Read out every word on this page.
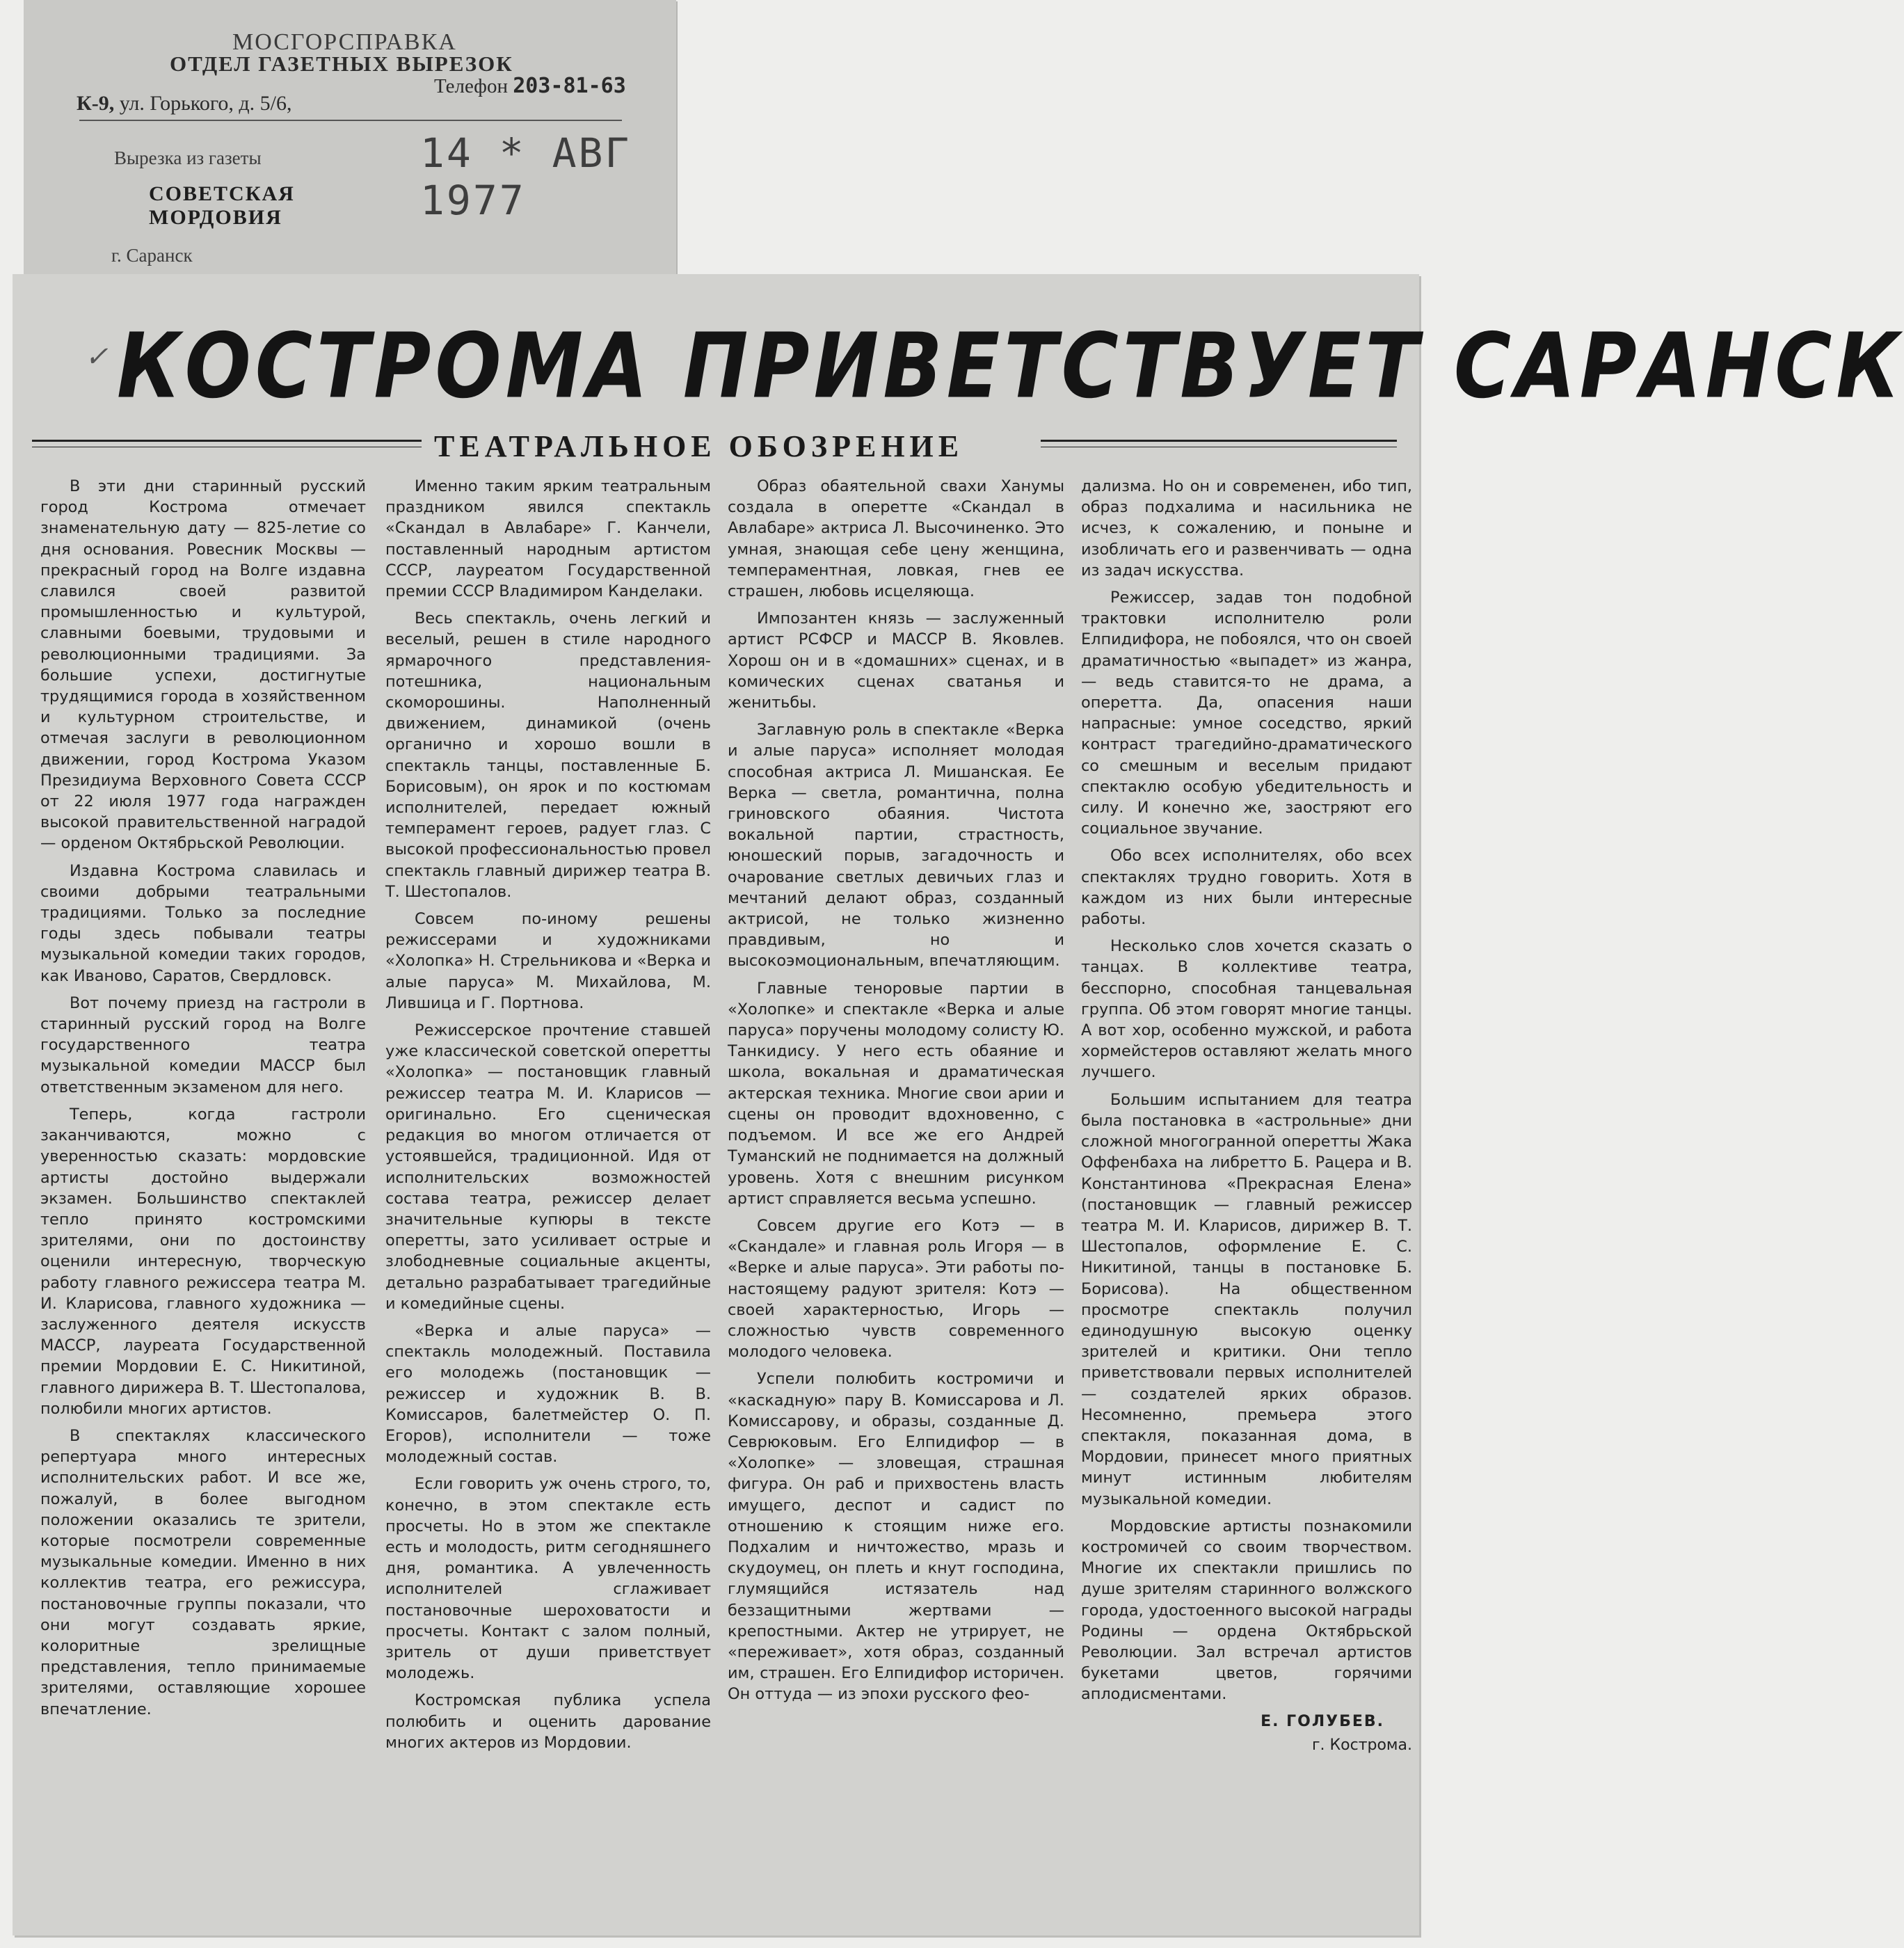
МОСГОРСПРАВКА
ОТДЕЛ ГАЗЕТНЫХ ВЫРЕЗОК
К-9, ул. Горького, д. 5/6,
Телефон 203-81-63
Вырезка из газеты	14 * АВГ 1977
СОВЕТСКАЯ
МОРДОВИЯ
г. Саранск
✓ КОСТРОМА ПРИВЕТСТВУЕТ САРАНСК
ТЕАТРАЛЬНОЕ ОБОЗРЕНИЕ

В эти дни старинный русский город Кострома отмечает знаменательную дату — 825-летие со дня основания. Ровесник Москвы — прекрасный город на Волге издавна славился своей развитой промышленностью и культурой, славными боевыми, трудовыми и революционными традициями. За большие успехи, достигнутые трудящимися города в хозяйственном и культурном строительстве, и отмечая заслуги в революционном движении, город Кострома Указом Президиума Верховного Совета СССР от 22 июля 1977 года награжден высокой правительственной наградой — орденом Октябрьской Революции.

Издавна Кострома славилась и своими добрыми театральными традициями. Только за последние годы здесь побывали театры музыкальной комедии таких городов, как Иваново, Саратов, Свердловск.

Вот почему приезд на гастроли в старинный русский город на Волге государственного театра музыкальной комедии МАССР был ответственным экзаменом для него.

Теперь, когда гастроли заканчиваются, можно с уверенностью сказать: мордовские артисты достойно выдержали экзамен. Большинство спектаклей тепло принято костромскими зрителями, они по достоинству оценили интересную, творческую работу главного режиссера театра М. И. Кларисова, главного художника — заслуженного деятеля искусств МАССР, лауреата Государственной премии Мордовии Е. С. Никитиной, главного дирижера В. Т. Шестопалова, полюбили многих артистов.

В спектаклях классического репертуара много интересных исполнительских работ. И все же, пожалуй, в более выгодном положении оказались те зрители, которые посмотрели современные музыкальные комедии. Именно в них коллектив театра, его режиссура, постановочные группы показали, что они могут создавать яркие, колоритные зрелищные представления, тепло принимаемые зрителями, оставляющие хорошее впечатление.

Именно таким ярким театральным праздником явился спектакль «Скандал в Авлабаре» Г. Канчели, поставленный народным артистом СССР, лауреатом Государственной премии СССР Владимиром Канделаки.

Весь спектакль, очень легкий и веселый, решен в стиле народного ярмарочного представления-потешника, национальным скоморошины. Наполненный движением, динамикой (очень органично и хорошо вошли в спектакль танцы, поставленные Б. Борисовым), он ярок и по костюмам исполнителей, передает южный темперамент героев, радует глаз. С высокой профессиональностью провел спектакль главный дирижер театра В. Т. Шестопалов.

Совсем по-иному решены режиссерами и художниками «Холопка» Н. Стрельникова и «Верка и алые паруса» М. Михайлова, М. Лившица и Г. Портнова.

Режиссерское прочтение ставшей уже классической советской оперетты «Холопка» — постановщик главный режиссер театра М. И. Кларисов — оригинально. Его сценическая редакция во многом отличается от устоявшейся, традиционной. Идя от исполнительских возможностей состава театра, режиссер делает значительные купюры в тексте оперетты, зато усиливает острые и злободневные социальные акценты, детально разрабатывает трагедийные и комедийные сцены.

«Верка и алые паруса» — спектакль молодежный. Поставила его молодежь (постановщик — режиссер и художник В. В. Комиссаров, балетмейстер О. П. Егоров), исполнители — тоже молодежный состав.

Если говорить уж очень строго, то, конечно, в этом спектакле есть просчеты. Но в этом же спектакле есть и молодость, ритм сегодняшнего дня, романтика. А увлеченность исполнителей сглаживает постановочные шероховатости и просчеты. Контакт с залом полный, зритель от души приветствует молодежь.

Костромская публика успела полюбить и оценить дарование многих актеров из Мордовии.

Образ обаятельной свахи Ханумы создала в оперетте «Скандал в Авлабаре» актриса Л. Высочиненко. Это умная, знающая себе цену женщина, темпераментная, ловкая, гнев ее страшен, любовь исцеляюща.

Импозантен князь — заслуженный артист РСФСР и МАССР В. Яковлев. Хорош он и в «домашних» сценах, и в комических сценах сватанья и женитьбы.

Заглавную роль в спектакле «Верка и алые паруса» исполняет молодая способная актриса Л. Мишанская. Ее Верка — светла, романтична, полна гриновского обаяния. Чистота вокальной партии, страстность, юношеский порыв, загадочность и очарование светлых девичьих глаз и мечтаний делают образ, созданный актрисой, не только жизненно правдивым, но и высокоэмоциональным, впечатляющим.

Главные теноровые партии в «Холопке» и спектакле «Верка и алые паруса» поручены молодому солисту Ю. Танкидису. У него есть обаяние и школа, вокальная и драматическая актерская техника. Многие свои арии и сцены он проводит вдохновенно, с подъемом. И все же его Андрей Туманский не поднимается на должный уровень. Хотя с внешним рисунком артист справляется весьма успешно.

Совсем другие его Котэ — в «Скандале» и главная роль Игоря — в «Верке и алые паруса». Эти работы по-настоящему радуют зрителя: Котэ — своей характерностью, Игорь — сложностью чувств современного молодого человека.

Успели полюбить костромичи и «каскадную» пару В. Комиссарова и Л. Комиссарову, и образы, созданные Д. Севрюковым. Его Елпидифор — в «Холопке» — зловещая, страшная фигура. Он раб и прихвостень власть имущего, деспот и садист по отношению к стоящим ниже его. Подхалим и ничтожество, мразь и скудоумец, он плеть и кнут господина, глумящийся истязатель над беззащитными жертвами — крепостными. Актер не утрирует, не «переживает», хотя образ, созданный им, страшен. Его Елпидифор историчен. Он оттуда — из эпохи русского фео-

дализма. Но он и современен, ибо тип, образ подхалима и насильника не исчез, к сожалению, и поныне и изобличать его и развенчивать — одна из задач искусства.

Режиссер, задав тон подобной трактовки исполнителю роли Елпидифора, не побоялся, что он своей драматичностью «выпадет» из жанра, — ведь ставится-то не драма, а оперетта. Да, опасения наши напрасные: умное соседство, яркий контраст трагедийно-драматического со смешным и веселым придают спектаклю особую убедительность и силу. И конечно же, заостряют его социальное звучание.

Обо всех исполнителях, обо всех спектаклях трудно говорить. Хотя в каждом из них были интересные работы.

Несколько слов хочется сказать о танцах. В коллективе театра, бесспорно, способная танцевальная группа. Об этом говорят многие танцы. А вот хор, особенно мужской, и работа хормейстеров оставляют желать много лучшего.

Большим испытанием для театра была постановка в «астрольные» дни сложной многогранной оперетты Жака Оффенбаха на либретто Б. Рацера и В. Константинова «Прекрасная Елена» (постановщик — главный режиссер театра М. И. Кларисов, дирижер В. Т. Шестопалов, оформление Е. С. Никитиной, танцы в постановке Б. Борисова). На общественном просмотре спектакль получил единодушную высокую оценку зрителей и критики. Они тепло приветствовали первых исполнителей — создателей ярких образов. Несомненно, премьера этого спектакля, показанная дома, в Мордовии, принесет много приятных минут истинным любителям музыкальной комедии.

Мордовские артисты познакомили костромичей со своим творчеством. Многие их спектакли пришлись по душе зрителям старинного волжского города, удостоенного высокой награды Родины — ордена Октябрьской Революции. Зал встречал артистов букетами цветов, горячими аплодисментами.

Е. ГОЛУБЕВ.
г. Кострома.
